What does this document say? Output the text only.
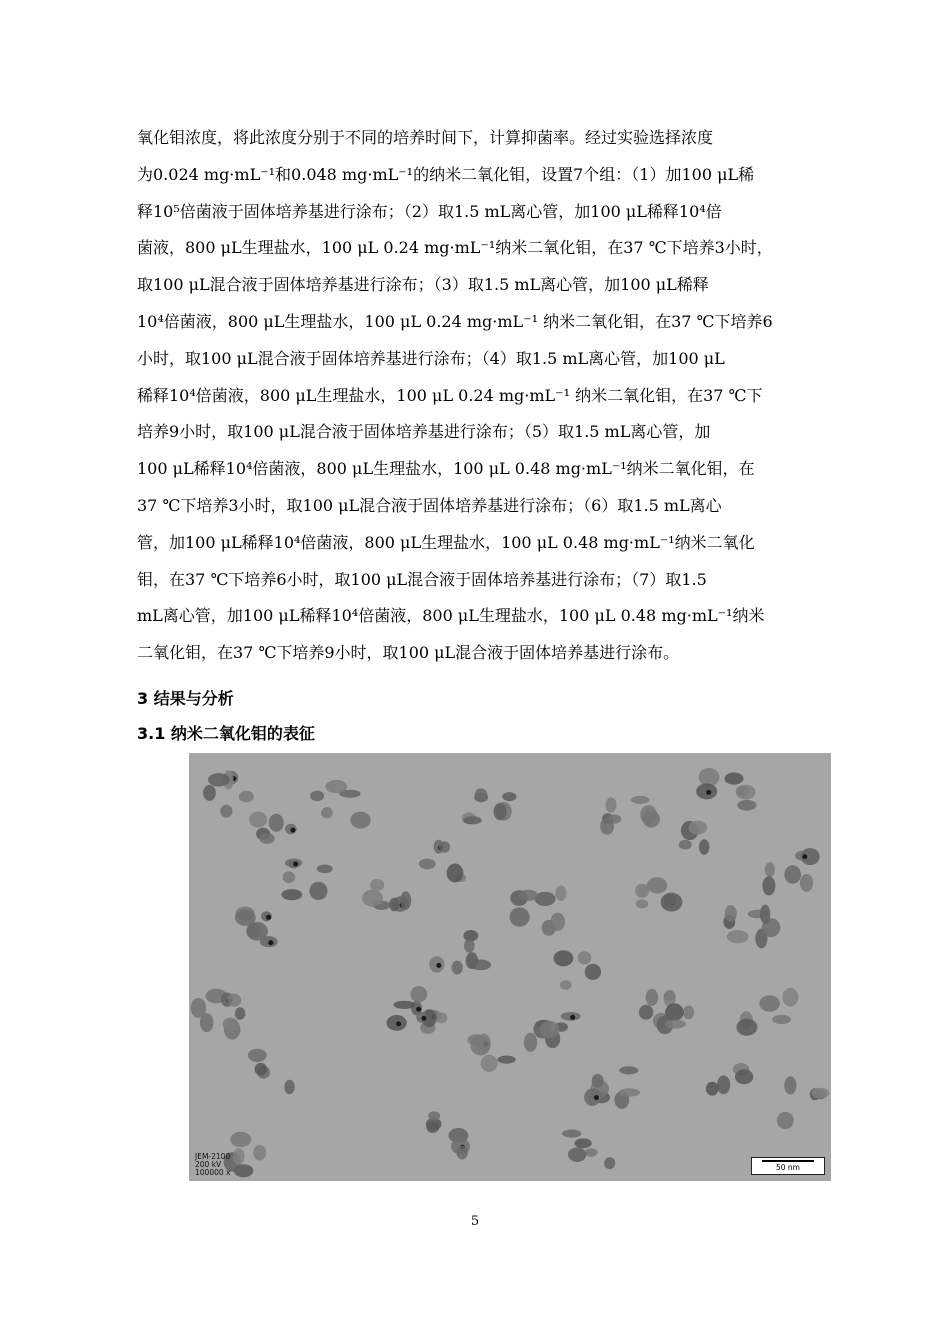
氧化钼浓度，将此浓度分别于不同的培养时间下，计算抑菌率。经过实验选择浓度
为0.024 mg·mL⁻¹和0.048 mg·mL⁻¹的纳米二氧化钼，设置7个组：（1）加100 μL稀
释10⁵倍菌液于固体培养基进行涂布；（2）取1.5 mL离心管，加100 μL稀释10⁴倍
菌液，800 μL生理盐水，100 μL 0.24 mg·mL⁻¹纳米二氧化钼，在37 ℃下培养3小时，
取100 μL混合液于固体培养基进行涂布；（3）取1.5 mL离心管，加100 μL稀释
10⁴倍菌液，800 μL生理盐水，100 μL 0.24 mg·mL⁻¹ 纳米二氧化钼，在37 ℃下培养6
小时，取100 μL混合液于固体培养基进行涂布；（4）取1.5 mL离心管，加100 μL
稀释10⁴倍菌液，800 μL生理盐水，100 μL 0.24 mg·mL⁻¹ 纳米二氧化钼，在37 ℃下
培养9小时，取100 μL混合液于固体培养基进行涂布；（5）取1.5 mL离心管，加
100 μL稀释10⁴倍菌液，800 μL生理盐水，100 μL 0.48 mg·mL⁻¹纳米二氧化钼，在
37 ℃下培养3小时，取100 μL混合液于固体培养基进行涂布；（6）取1.5 mL离心
管，加100 μL稀释10⁴倍菌液，800 μL生理盐水，100 μL 0.48 mg·mL⁻¹纳米二氧化
钼，在37 ℃下培养6小时，取100 μL混合液于固体培养基进行涂布；（7）取1.5
mL离心管，加100 μL稀释10⁴倍菌液，800 μL生理盐水，100 μL 0.48 mg·mL⁻¹纳米
二氧化钼，在37 ℃下培养9小时，取100 μL混合液于固体培养基进行涂布。
3 结果与分析
3.1 纳米二氧化钼的表征
JEM-2100
200 kV
100000 x
50 nm
5
